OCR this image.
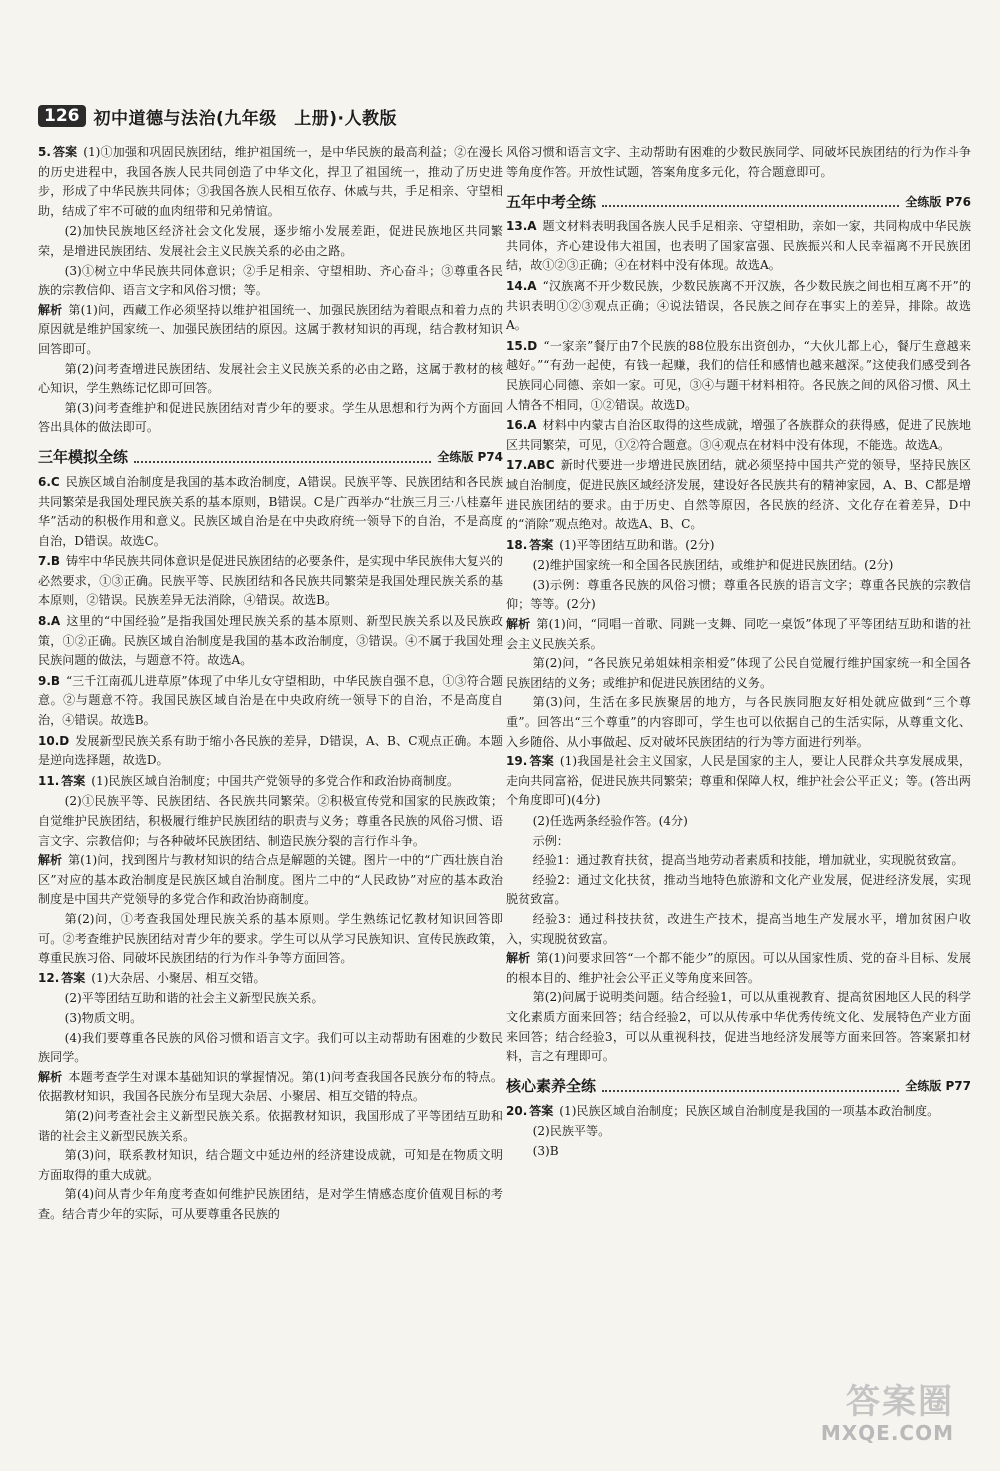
126 初中道德与法治(九年级　上册)·人教版
5. 答案 (1)①加强和巩固民族团结，维护祖国统一，是中华民族的最高利益；②在漫长的历史进程中，我国各族人民共同创造了中华文化，捍卫了祖国统一，推动了历史进步，形成了中华民族共同体；③我国各族人民相互依存、休戚与共，手足相亲、守望相助，结成了牢不可破的血肉纽带和兄弟情谊。

(2)加快民族地区经济社会文化发展，逐步缩小发展差距，促进民族地区共同繁荣，是增进民族团结、发展社会主义民族关系的必由之路。

(3)①树立中华民族共同体意识；②手足相亲、守望相助、齐心奋斗；③尊重各民族的宗教信仰、语言文字和风俗习惯；等。

解析 第(1)问，西藏工作必须坚持以维护祖国统一、加强民族团结为着眼点和着力点的原因就是维护国家统一、加强民族团结的原因。这属于教材知识的再现，结合教材知识回答即可。

第(2)问考查增进民族团结、发展社会主义民族关系的必由之路，这属于教材的核心知识，学生熟练记忆即可回答。

第(3)问考查维护和促进民族团结对青少年的要求。学生从思想和行为两个方面回答出具体的做法即可。

三年模拟全练	全练版 P74

6.C 民族区域自治制度是我国的基本政治制度，A错误。民族平等、民族团结和各民族共同繁荣是我国处理民族关系的基本原则，B错误。C是广西举办“壮族三月三·八桂嘉年华”活动的积极作用和意义。民族区域自治是在中央政府统一领导下的自治，不是高度自治，D错误。故选C。

7.B 铸牢中华民族共同体意识是促进民族团结的必要条件，是实现中华民族伟大复兴的必然要求，①③正确。民族平等、民族团结和各民族共同繁荣是我国处理民族关系的基本原则，②错误。民族差异无法消除，④错误。故选B。

8.A 这里的“中国经验”是指我国处理民族关系的基本原则、新型民族关系以及民族政策，①②正确。民族区域自治制度是我国的基本政治制度，③错误。④不属于我国处理民族问题的做法，与题意不符。故选A。

9.B “三千江南孤儿进草原”体现了中华儿女守望相助，中华民族自强不息，①③符合题意。②与题意不符。我国民族区域自治是在中央政府统一领导下的自治，不是高度自治，④错误。故选B。

10.D 发展新型民族关系有助于缩小各民族的差异，D错误，A、B、C观点正确。本题是逆向选择题，故选D。

11. 答案 (1)民族区域自治制度；中国共产党领导的多党合作和政治协商制度。

(2)①民族平等、民族团结、各民族共同繁荣。②积极宣传党和国家的民族政策；自觉维护民族团结，积极履行维护民族团结的职责与义务；尊重各民族的风俗习惯、语言文字、宗教信仰；与各种破坏民族团结、制造民族分裂的言行作斗争。

解析 第(1)问，找到图片与教材知识的结合点是解题的关键。图片一中的“广西壮族自治区”对应的基本政治制度是民族区域自治制度。图片二中的“人民政协”对应的基本政治制度是中国共产党领导的多党合作和政治协商制度。

第(2)问，①考查我国处理民族关系的基本原则。学生熟练记忆教材知识回答即可。②考查维护民族团结对青少年的要求。学生可以从学习民族知识、宣传民族政策，尊重民族习俗、同破坏民族团结的行为作斗争等方面回答。

12. 答案 (1)大杂居、小聚居、相互交错。

(2)平等团结互助和谐的社会主义新型民族关系。

(3)物质文明。

(4)我们要尊重各民族的风俗习惯和语言文字。我们可以主动帮助有困难的少数民族同学。

解析 本题考查学生对课本基础知识的掌握情况。第(1)问考查我国各民族分布的特点。依据教材知识，我国各民族分布呈现大杂居、小聚居、相互交错的特点。

第(2)问考查社会主义新型民族关系。依据教材知识，我国形成了平等团结互助和谐的社会主义新型民族关系。

第(3)问，联系教材知识，结合题文中延边州的经济建设成就，可知是在物质文明方面取得的重大成就。

第(4)问从青少年角度考查如何维护民族团结，是对学生情感态度价值观目标的考查。结合青少年的实际，可从要尊重各民族的

风俗习惯和语言文字、主动帮助有困难的少数民族同学、同破坏民族团结的行为作斗争等角度作答。开放性试题，答案角度多元化，符合题意即可。

五年中考全练	全练版 P76

13.A 题文材料表明我国各族人民手足相亲、守望相助，亲如一家，共同构成中华民族共同体，齐心建设伟大祖国，也表明了国家富强、民族振兴和人民幸福离不开民族团结，故①②③正确；④在材料中没有体现。故选A。

14.A “汉族离不开少数民族，少数民族离不开汉族，各少数民族之间也相互离不开”的共识表明①②③观点正确；④说法错误，各民族之间存在事实上的差异，排除。故选A。

15.D “一家亲”餐厅由7个民族的88位股东出资创办，“大伙儿都上心，餐厅生意越来越好。”“有劲一起使，有钱一起赚，我们的信任和感情也越来越深。”这使我们感受到各民族同心同德、亲如一家。可见，③④与题干材料相符。各民族之间的风俗习惯、风土人情各不相同，①②错误。故选D。

16.A 材料中内蒙古自治区取得的这些成就，增强了各族群众的获得感，促进了民族地区共同繁荣，可见，①②符合题意。③④观点在材料中没有体现，不能选。故选A。

17.ABC 新时代要进一步增进民族团结，就必须坚持中国共产党的领导，坚持民族区域自治制度，促进民族区域经济发展，建设好各民族共有的精神家园，A、B、C都是增进民族团结的要求。由于历史、自然等原因，各民族的经济、文化存在着差异，D中的“消除”观点绝对。故选A、B、C。

18. 答案 (1)平等团结互助和谐。(2分)

(2)维护国家统一和全国各民族团结，或维护和促进民族团结。(2分)

(3)示例：尊重各民族的风俗习惯；尊重各民族的语言文字；尊重各民族的宗教信仰；等等。(2分)

解析 第(1)问，“同唱一首歌、同跳一支舞、同吃一桌饭”体现了平等团结互助和谐的社会主义民族关系。

第(2)问，“各民族兄弟姐妹相亲相爱”体现了公民自觉履行维护国家统一和全国各民族团结的义务；或维护和促进民族团结的义务。

第(3)问，生活在多民族聚居的地方，与各民族同胞友好相处就应做到“三个尊重”。回答出“三个尊重”的内容即可，学生也可以依据自己的生活实际，从尊重文化、入乡随俗、从小事做起、反对破坏民族团结的行为等方面进行列举。

19. 答案 (1)我国是社会主义国家，人民是国家的主人，要让人民群众共享发展成果，走向共同富裕，促进民族共同繁荣；尊重和保障人权，维护社会公平正义；等。(答出两个角度即可)(4分)

(2)任选两条经验作答。(4分)

示例：

经验1：通过教育扶贫，提高当地劳动者素质和技能，增加就业，实现脱贫致富。

经验2：通过文化扶贫，推动当地特色旅游和文化产业发展，促进经济发展，实现脱贫致富。

经验3：通过科技扶贫，改进生产技术，提高当地生产发展水平，增加贫困户收入，实现脱贫致富。

解析 第(1)问要求回答“一个都不能少”的原因。可以从国家性质、党的奋斗目标、发展的根本目的、维护社会公平正义等角度来回答。

第(2)问属于说明类问题。结合经验1，可以从重视教育、提高贫困地区人民的科学文化素质方面来回答；结合经验2，可以从传承中华优秀传统文化、发展特色产业方面来回答；结合经验3，可以从重视科技，促进当地经济发展等方面来回答。答案紧扣材料，言之有理即可。

核心素养全练	全练版 P77
20. 答案 (1)民族区域自治制度；民族区域自治制度是我国的一项基本政治制度。

(2)民族平等。

(3)B

答案圈
MXQE.COM
